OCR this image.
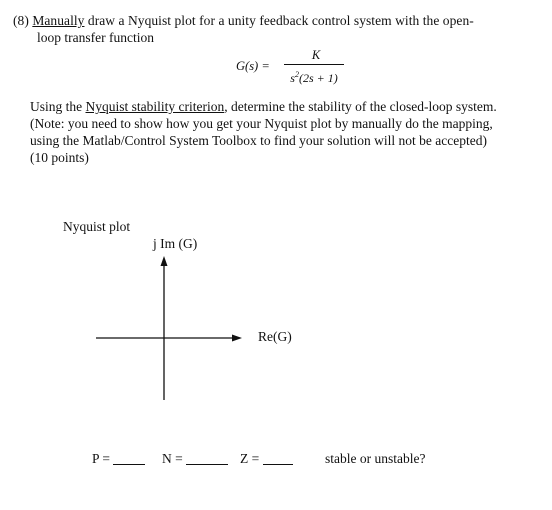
(8) Manually draw a Nyquist plot for a unity feedback control system with the open-
loop transfer function
G(s) =
K
$s^2(2s + 1)$
Using the Nyquist stability criterion, determine the stability of the closed-loop system.
(Note: you need to show how you get your Nyquist plot by manually do the mapping,
using the Matlab/Control System Toolbox to find your solution will not be accepted)
(10 points)
Nyquist plot
j Im (G)
Re(G)
P =	N =	Z =	stable or unstable?
